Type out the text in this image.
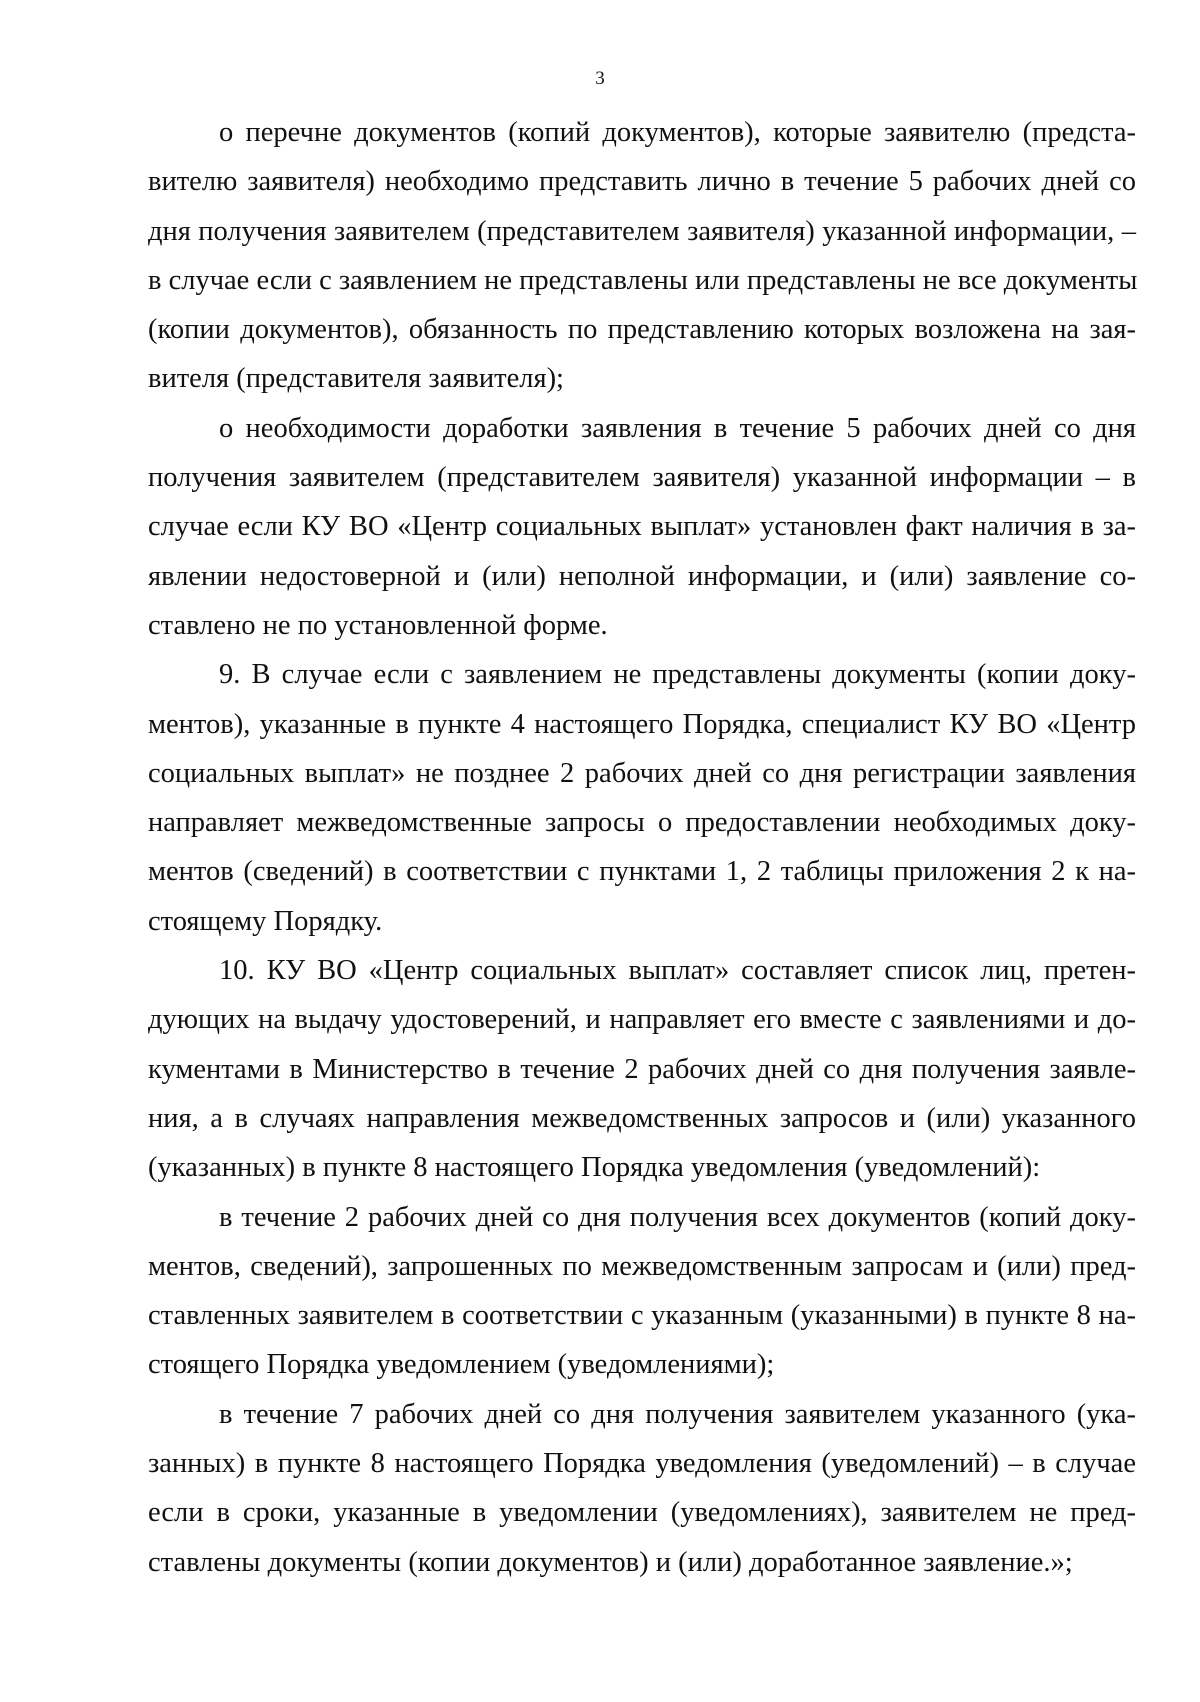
3

о перечне документов (копий документов), которые заявителю (предста-
вителю заявителя) необходимо представить лично в течение 5 рабочих дней со
дня получения заявителем (представителем заявителя) указанной информации, –
в случае если с заявлением не представлены или представлены не все документы
(копии документов), обязанность по представлению которых возложена на зая-
вителя (представителя заявителя);

о необходимости доработки заявления в течение 5 рабочих дней со дня
получения заявителем (представителем заявителя) указанной информации – в
случае если КУ ВО «Центр социальных выплат» установлен факт наличия в за-
явлении недостоверной и (или) неполной информации, и (или) заявление со-
ставлено не по установленной форме.

9. В случае если с заявлением не представлены документы (копии доку-
ментов), указанные в пункте 4 настоящего Порядка, специалист КУ ВО «Центр
социальных выплат» не позднее 2 рабочих дней со дня регистрации заявления
направляет межведомственные запросы о предоставлении необходимых доку-
ментов (сведений) в соответствии с пунктами 1, 2 таблицы приложения 2 к на-
стоящему Порядку.

10. КУ ВО «Центр социальных выплат» составляет список лиц, претен-
дующих на выдачу удостоверений, и направляет его вместе с заявлениями и до-
кументами в Министерство в течение 2 рабочих дней со дня получения заявле-
ния, а в случаях направления межведомственных запросов и (или) указанного
(указанных) в пункте 8 настоящего Порядка уведомления (уведомлений):

в течение 2 рабочих дней со дня получения всех документов (копий доку-
ментов, сведений), запрошенных по межведомственным запросам и (или) пред-
ставленных заявителем в соответствии с указанным (указанными) в пункте 8 на-
стоящего Порядка уведомлением (уведомлениями);

в течение 7 рабочих дней со дня получения заявителем указанного (ука-
занных) в пункте 8 настоящего Порядка уведомления (уведомлений) – в случае
если в сроки, указанные в уведомлении (уведомлениях), заявителем не пред-
ставлены документы (копии документов) и (или) доработанное заявление.»;
